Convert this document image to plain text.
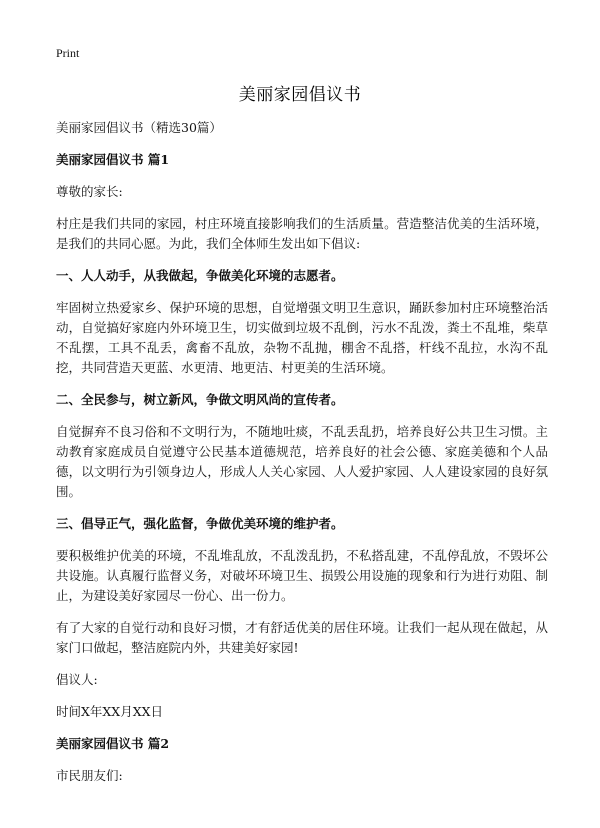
Print
美丽家园倡议书

美丽家园倡议书（精选30篇）

美丽家园倡议书 篇1

尊敬的家长:

村庄是我们共同的家园，村庄环境直接影响我们的生活质量。营造整洁优美的生活环境，是我们的共同心愿。为此，我们全体师生发出如下倡议:

一、人人动手，从我做起，争做美化环境的志愿者。

牢固树立热爱家乡、保护环境的思想，自觉增强文明卫生意识，踊跃参加村庄环境整治活动，自觉搞好家庭内外环境卫生，切实做到垃圾不乱倒，污水不乱泼，粪土不乱堆，柴草不乱摆，工具不乱丢，禽畜不乱放，杂物不乱抛，棚舍不乱搭，杆线不乱拉，水沟不乱挖，共同营造天更蓝、水更清、地更洁、村更美的生活环境。

二、全民参与，树立新风，争做文明风尚的宣传者。

自觉摒弃不良习俗和不文明行为，不随地吐痰，不乱丢乱扔，培养良好公共卫生习惯。主动教育家庭成员自觉遵守公民基本道德规范，培养良好的社会公德、家庭美德和个人品德，以文明行为引领身边人，形成人人关心家园、人人爱护家园、人人建设家园的良好氛围。

三、倡导正气，强化监督，争做优美环境的维护者。

要积极维护优美的环境，不乱堆乱放，不乱泼乱扔，不私搭乱建，不乱停乱放，不毁坏公共设施。认真履行监督义务，对破坏环境卫生、损毁公用设施的现象和行为进行劝阻、制止，为建设美好家园尽一份心、出一份力。

有了大家的自觉行动和良好习惯，才有舒适优美的居住环境。让我们一起从现在做起，从家门口做起，整洁庭院内外，共建美好家园!

倡议人:

时间X年XX月XX日

美丽家园倡议书 篇2

市民朋友们:
